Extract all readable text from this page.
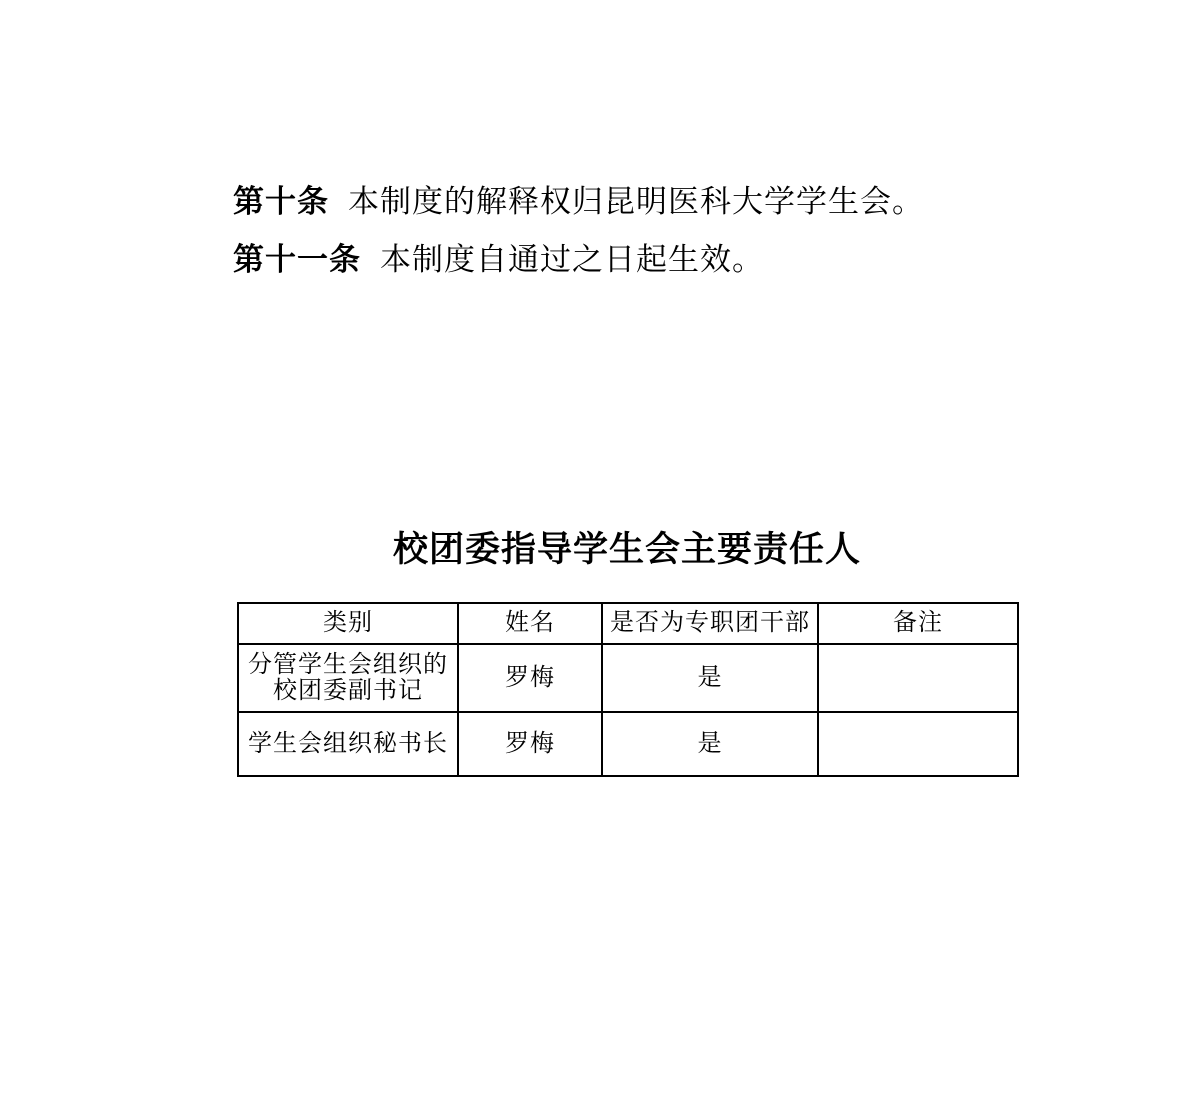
第十条 本制度的解释权归昆明医科大学学生会。

第十一条 本制度自通过之日起生效。

校团委指导学生会主要责任人
类别	姓名	是否为专职团干部	备注

分管学生会组织的
校团委副书记	罗梅	是	

学生会组织秘书长	罗梅	是	
